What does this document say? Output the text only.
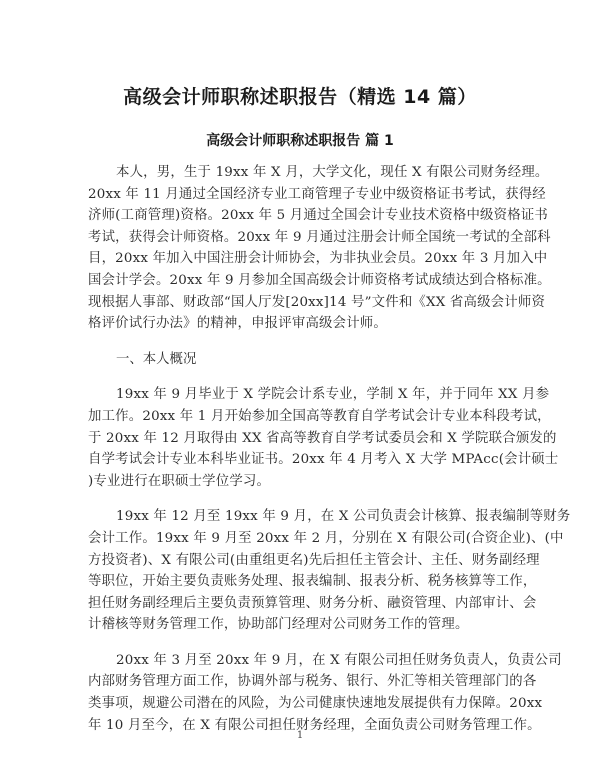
高级会计师职称述职报告（精选 14 篇）
高级会计师职称述职报告 篇 1
本人，男，生于 19xx 年 X 月，大学文化，现任 X 有限公司财务经理。
20xx 年 11 月通过全国经济专业工商管理子专业中级资格证书考试，获得经
济师(工商管理)资格。20xx 年 5 月通过全国会计专业技术资格中级资格证书
考试，获得会计师资格。20xx 年 9 月通过注册会计师全国统一考试的全部科
目，20xx 年加入中国注册会计师协会，为非执业会员。20xx 年 3 月加入中
国会计学会。20xx 年 9 月参加全国高级会计师资格考试成绩达到合格标准。
现根据人事部、财政部“国人厅发[20xx]14 号”文件和《XX 省高级会计师资
格评价试行办法》的精神，申报评审高级会计师。
一、本人概况
19xx 年 9 月毕业于 X 学院会计系专业，学制 X 年，并于同年 XX 月参
加工作。20xx 年 1 月开始参加全国高等教育自学考试会计专业本科段考试，
于 20xx 年 12 月取得由 XX 省高等教育自学考试委员会和 X 学院联合颁发的
自学考试会计专业本科毕业证书。20xx 年 4 月考入 X 大学 MPAcc(会计硕士
)专业进行在职硕士学位学习。
19xx 年 12 月至 19xx 年 9 月，在 X 公司负责会计核算、报表编制等财务
会计工作。19xx 年 9 月至 20xx 年 2 月，分别在 X 有限公司(合资企业)、(中
方投资者)、X 有限公司(由重组更名)先后担任主管会计、主任、财务副经理
等职位，开始主要负责账务处理、报表编制、报表分析、税务核算等工作，
担任财务副经理后主要负责预算管理、财务分析、融资管理、内部审计、会
计稽核等财务管理工作，协助部门经理对公司财务工作的管理。
20xx 年 3 月至 20xx 年 9 月，在 X 有限公司担任财务负责人，负责公司
内部财务管理方面工作，协调外部与税务、银行、外汇等相关管理部门的各
类事项，规避公司潜在的风险，为公司健康快速地发展提供有力保障。20xx
年 10 月至今，在 X 有限公司担任财务经理，全面负责公司财务管理工作。
1
